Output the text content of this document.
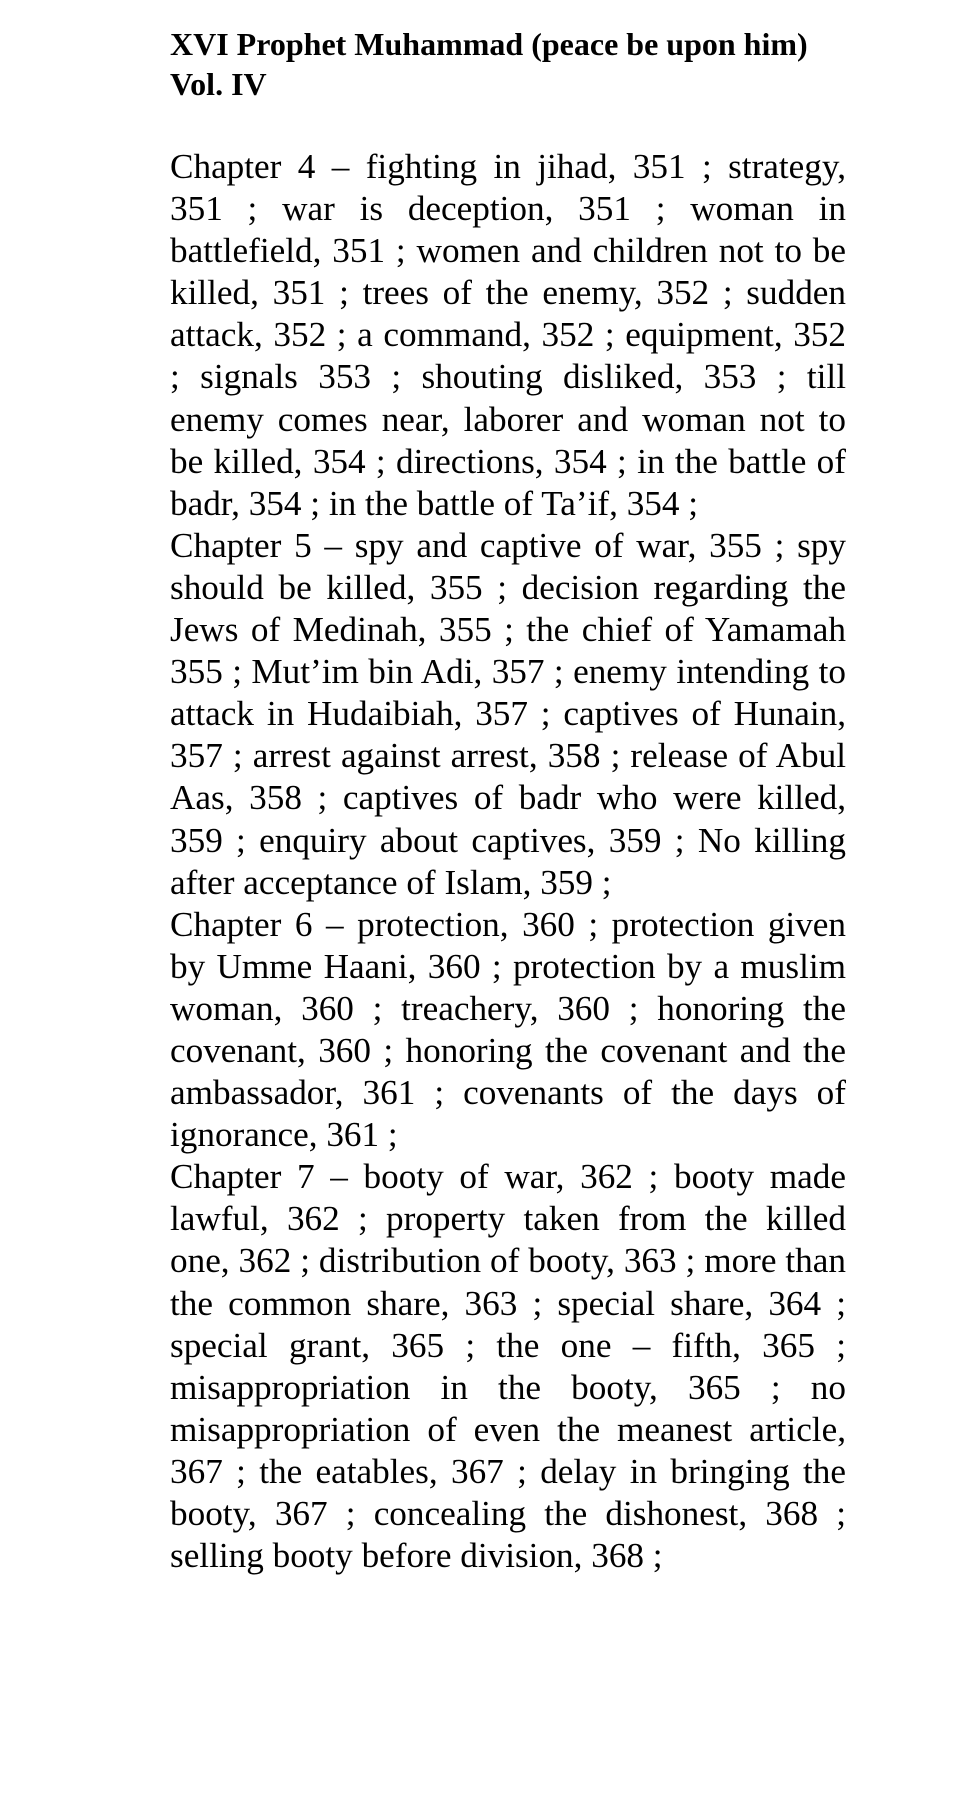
XVI Prophet Muhammad (peace be upon him)
Vol. IV

Chapter 4 – fighting in jihad, 351 ; strategy, 351 ; war is deception, 351 ; woman in battlefield, 351 ; women and children not to be killed, 351 ; trees of the enemy, 352 ; sudden attack, 352 ; a command, 352 ; equipment, 352 ; signals 353 ; shouting disliked, 353 ; till enemy comes near, laborer and woman not to be killed, 354 ; directions, 354 ; in the battle of badr, 354 ; in the battle of Ta’if, 354 ;

Chapter 5 – spy and captive of war, 355 ; spy should be killed, 355 ; decision regarding the Jews of Medinah, 355 ; the chief of Yamamah 355 ; Mut’im bin Adi, 357 ; enemy intending to attack in Hudaibiah, 357 ; captives of Hunain, 357 ; arrest against arrest, 358 ; release of Abul Aas, 358 ; captives of badr who were killed, 359 ; enquiry about captives, 359 ; No killing after acceptance of Islam, 359 ;

Chapter 6 – protection, 360 ; protection given by Umme Haani, 360 ; protection by a muslim woman, 360 ; treachery, 360 ; honoring the covenant, 360 ; honoring the covenant and the ambassador, 361 ; covenants of the days of ignorance, 361 ;

Chapter 7 – booty of war, 362 ; booty made lawful, 362 ; property taken from the killed one, 362 ; distribution of booty, 363 ; more than the common share, 363 ; special share, 364 ; special grant, 365 ; the one – fifth, 365 ; misappropriation in the booty, 365 ; no misappropriation of even the meanest article, 367 ; the eatables, 367 ; delay in bringing the booty, 367 ; concealing the dishonest, 368 ; selling booty before division, 368 ;
